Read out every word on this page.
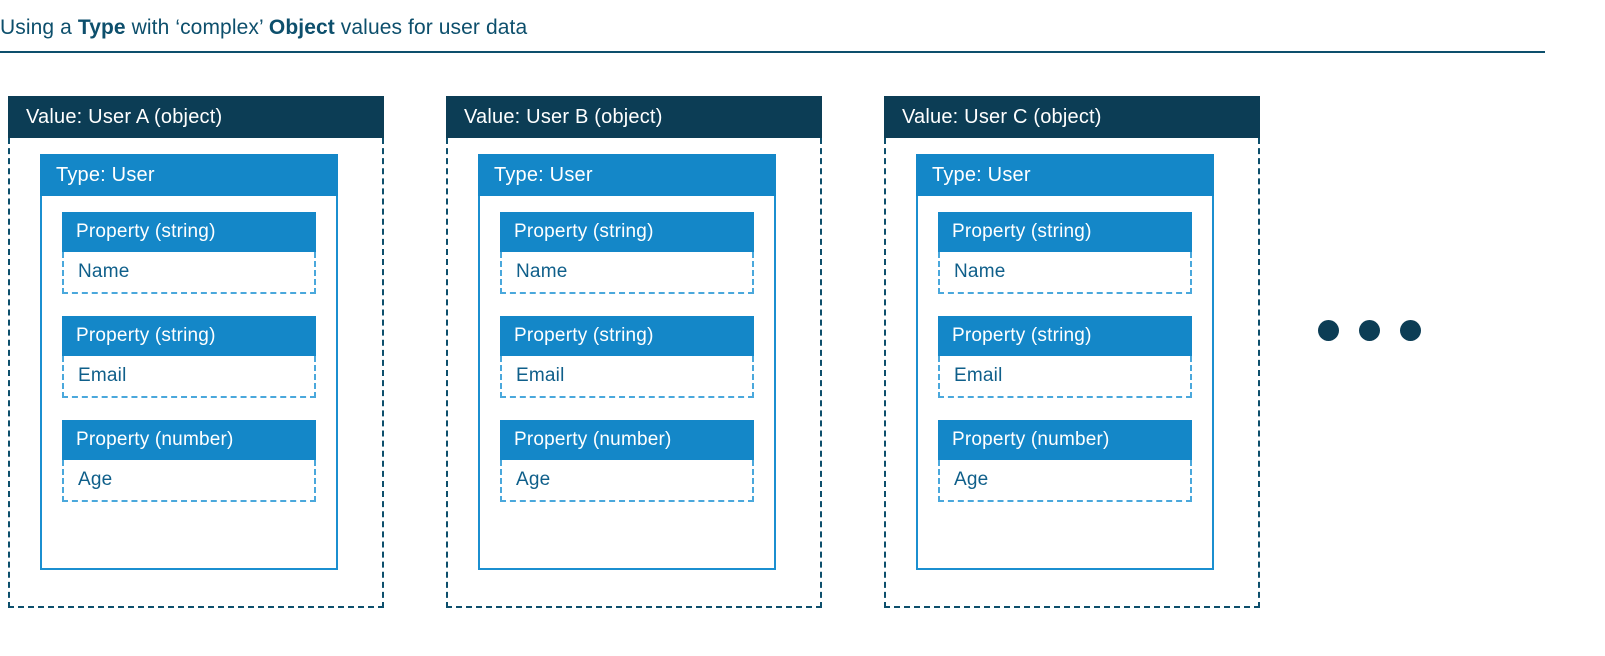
Using a Type with ‘complex’ Object values for user data
Value: User A (object)
Type: User
Property (string)
Name
Property (string)
Email
Property (number)
Age
Value: User B (object)
Type: User
Property (string)
Name
Property (string)
Email
Property (number)
Age
Value: User C (object)
Type: User
Property (string)
Name
Property (string)
Email
Property (number)
Age
